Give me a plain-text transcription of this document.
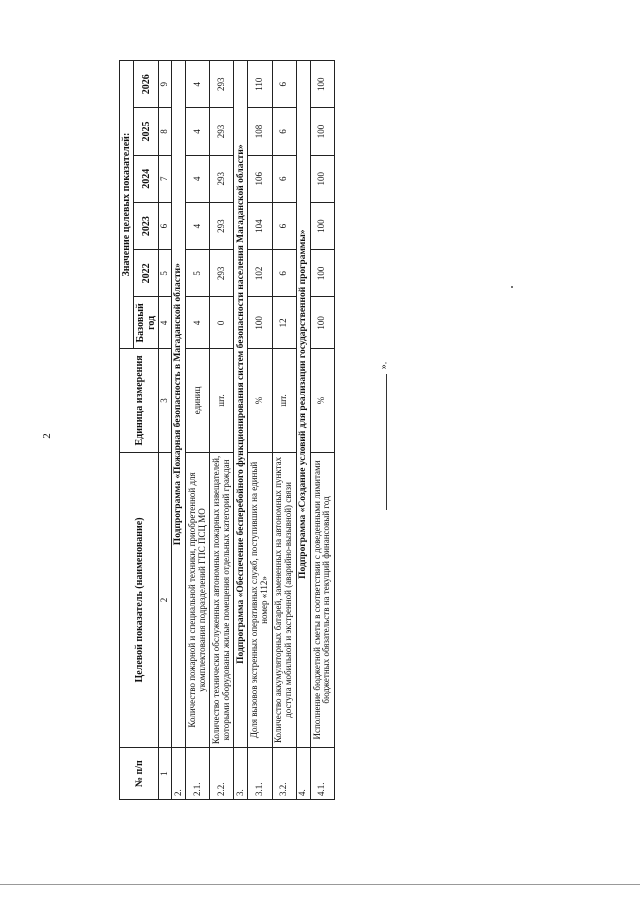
2
№ п/п	Целевой показатель (наименование)	Единица измерения	Значение целевых показателей:					
			Базовый год	2022	2023	2024	2025	2026
1	2	3	4	5	6	7	8	9
2.	Подпрограмма «Пожарная безопасность в Магаданской области»							
2.1.	Количество пожарной и специальной техники, приобретенной для укомплектования подразделений ГПС ПСЦ МО	единиц	4	5	4	4	4	4
2.2.	Количество технически обслуженных автономных пожарных извещателей, которыми оборудованы жилые помещения отдельных категорий граждан	шт.	0	293	293	293	293	293
3.	Подпрограмма «Обеспечение бесперебойного функционирования систем безопасности населения Магаданской области»							
3.1.	Доля вызовов экстренных оперативных служб, поступивших на единый номер «112»	%	100	102	104	106	108	110
3.2.	Количество аккумуляторных батарей, замененных на автономных пунктах доступа мобильной и экстренной (аварийно-вызывной) связи	шт.	12	6	6	6	6	6
4.	Подпрограмма «Создание условий для реализации государственной программы»							
4.1.	Исполнение бюджетной сметы в соответствии с доведенными лимитами бюджетных обязательств на текущий финансовый год	%	100	100	100	100	100	100
».
